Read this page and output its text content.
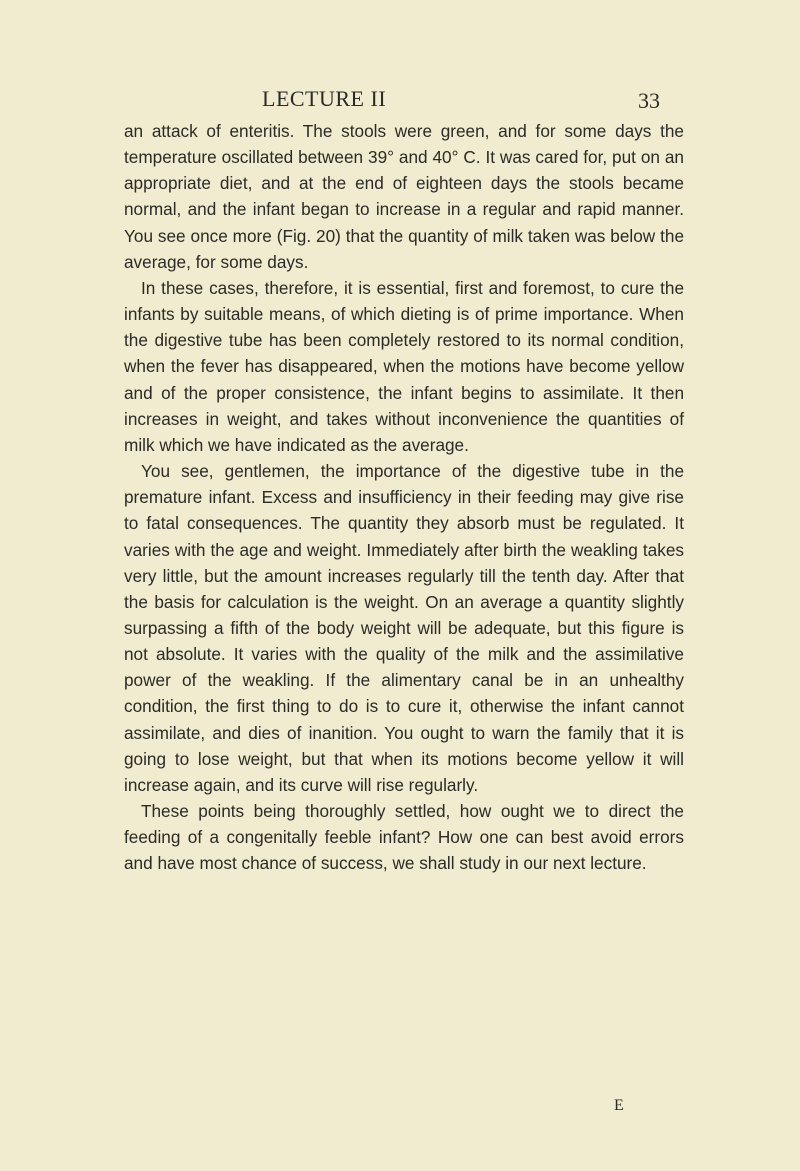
LECTURE II	33

an attack of enteritis. The stools were green, and for some days the temperature oscillated between 39° and 40° C. It was cared for, put on an appropriate diet, and at the end of eighteen days the stools became normal, and the infant began to increase in a regular and rapid manner. You see once more (Fig. 20) that the quantity of milk taken was below the average, for some days.

In these cases, therefore, it is essential, first and foremost, to cure the infants by suitable means, of which dieting is of prime importance. When the digestive tube has been completely restored to its normal condition, when the fever has disappeared, when the motions have become yellow and of the proper consistence, the infant begins to assimilate. It then increases in weight, and takes without inconvenience the quantities of milk which we have indicated as the average.

You see, gentlemen, the importance of the digestive tube in the premature infant. Excess and insufficiency in their feeding may give rise to fatal consequences. The quantity they absorb must be regulated. It varies with the age and weight. Immediately after birth the weakling takes very little, but the amount increases regularly till the tenth day. After that the basis for calculation is the weight. On an average a quantity slightly surpassing a fifth of the body weight will be adequate, but this figure is not absolute. It varies with the quality of the milk and the assimilative power of the weakling. If the alimentary canal be in an unhealthy condition, the first thing to do is to cure it, otherwise the infant cannot assimilate, and dies of inanition. You ought to warn the family that it is going to lose weight, but that when its motions become yellow it will increase again, and its curve will rise regularly.

These points being thoroughly settled, how ought we to direct the feeding of a congenitally feeble infant? How one can best avoid errors and have most chance of success, we shall study in our next lecture.

E
